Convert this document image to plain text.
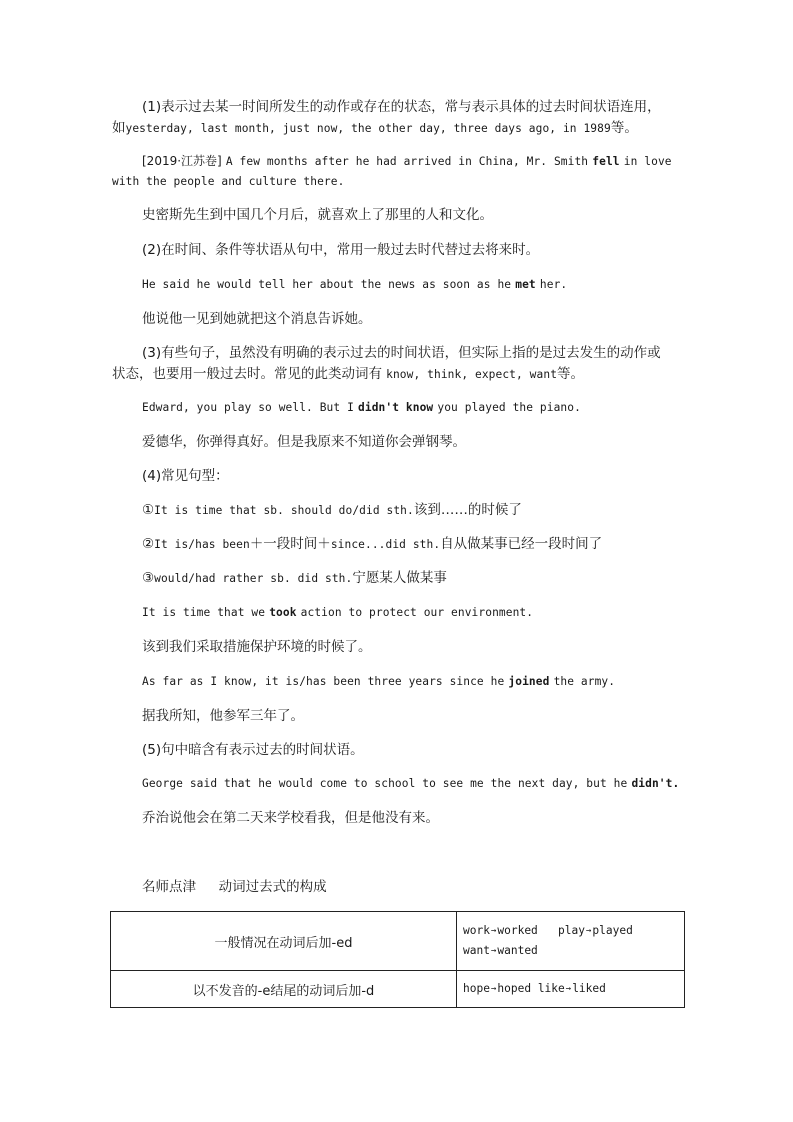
(1)表示过去某一时间所发生的动作或存在的状态，常与表示具体的过去时间状语连用，
如yesterday, last month, just now, the other day, three days ago, in 1989等。
[2019·江苏卷] A few months after he had arrived in China, Mr. Smith fell in love
with the people and culture there.
史密斯先生到中国几个月后，就喜欢上了那里的人和文化。
(2)在时间、条件等状语从句中，常用一般过去时代替过去将来时。
He said he would tell her about the news as soon as he met her.
他说他一见到她就把这个消息告诉她。
(3)有些句子，虽然没有明确的表示过去的时间状语，但实际上指的是过去发生的动作或
状态，也要用一般过去时。常见的此类动词有 know, think, expect, want等。
Edward, you play so well. But I didn't know you played the piano.
爱德华，你弹得真好。但是我原来不知道你会弹钢琴。
(4)常见句型：
①It is time that sb. should do/did sth.该到……的时候了
②It is/has been＋一段时间＋since...did sth.自从做某事已经一段时间了
③would/had rather sb. did sth.宁愿某人做某事
It is time that we took action to protect our environment.
该到我们采取措施保护环境的时候了。
As far as I know, it is/has been three years since he joined the army.
据我所知，他参军三年了。
(5)句中暗含有表示过去的时间状语。
George said that he would come to school to see me the next day, but he didn't.
乔治说他会在第二天来学校看我，但是他没有来。
名师点津 动词过去式的构成
一般情况在动词后加-ed	work→worked play→played
want→wanted

以不发音的-e结尾的动词后加-d	hope→hoped like→liked
